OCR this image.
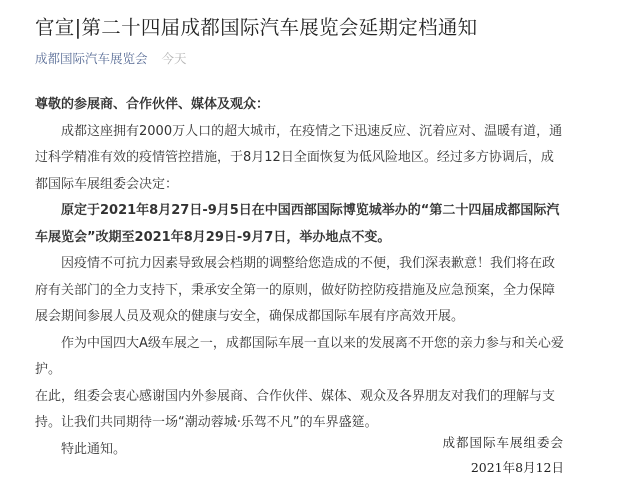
官宣|第二十四届成都国际汽车展览会延期定档通知
成都国际汽车展览会 今天

尊敬的参展商、合作伙伴、媒体及观众：

成都这座拥有2000万人口的超大城市，在疫情之下迅速反应、沉着应对、温暖有道，通过科学精准有效的疫情管控措施，于8月12日全面恢复为低风险地区。经过多方协调后，成都国际车展组委会决定：

原定于2021年8月27日-9月5日在中国西部国际博览城举办的“第二十四届成都国际汽车展览会”改期至2021年8月29日-9月7日，举办地点不变。

因疫情不可抗力因素导致展会档期的调整给您造成的不便，我们深表歉意！我们将在政府有关部门的全力支持下，秉承安全第一的原则，做好防控防疫措施及应急预案，全力保障展会期间参展人员及观众的健康与安全，确保成都国际车展有序高效开展。

作为中国四大A级车展之一，成都国际车展一直以来的发展离不开您的亲力参与和关心爱护。

在此，组委会衷心感谢国内外参展商、合作伙伴、媒体、观众及各界朋友对我们的理解与支持。让我们共同期待一场“潮动蓉城·乐驾不凡”的车界盛筵。

特此通知。	成都国际车展组委会

2021年8月12日
